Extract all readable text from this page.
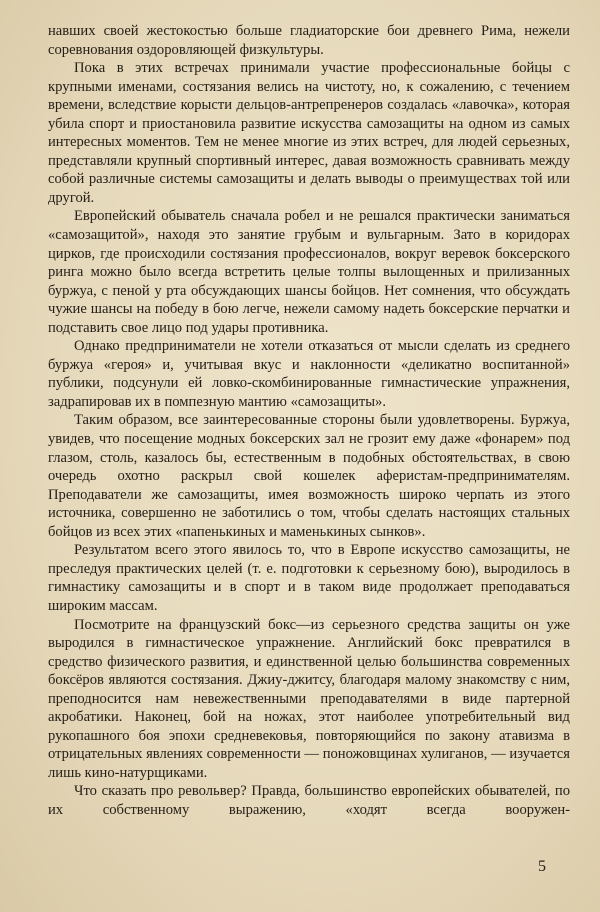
навших своей жестокостью больше гладиаторские бои древнего Рима, нежели соревнования оздоровляющей физкультуры.

Пока в этих встречах принимали участие профессиональные бойцы с крупными именами, состязания велись на чистоту, но, к сожалению, с течением времени, вследствие корысти дельцов-антрепренеров создалась «лавочка», которая убила спорт и приостановила развитие искусства самозащиты на одном из самых интересных моментов. Тем не менее многие из этих встреч, для людей серьезных, представляли крупный спортивный интерес, давая возможность сравнивать между собой различные системы самозащиты и делать выводы о преимуществах той или другой.

Европейский обыватель сначала робел и не решался практически заниматься «самозащитой», находя это занятие грубым и вульгарным. Зато в коридорах цирков, где происходили состязания профессионалов, вокруг веревок боксерского ринга можно было всегда встретить целые толпы вылощенных и прилизанных буржуа, с пеной у рта обсуждающих шансы бойцов. Нет сомнения, что обсуждать чужие шансы на победу в бою легче, нежели самому надеть боксерские перчатки и подставить свое лицо под удары противника.

Однако предприниматели не хотели отказаться от мысли сделать из среднего буржуа «героя» и, учитывая вкус и наклонности «деликатно воспитанной» публики, подсунули ей ловко-скомбинированные гимнастические упражнения, задрапировав их в помпезную мантию «самозащиты».

Таким образом, все заинтересованные стороны были удовлетворены. Буржуа, увидев, что посещение модных боксерских зал не грозит ему даже «фонарем» под глазом, столь, казалось бы, естественным в подобных обстоятельствах, в свою очередь охотно раскрыл свой кошелек аферистам-предпринимателям. Преподаватели же самозащиты, имея возможность широко черпать из этого источника, совершенно не заботились о том, чтобы сделать настоящих стальных бойцов из всех этих «папенькиных и маменькиных сынков».

Результатом всего этого явилось то, что в Европе искусство самозащиты, не преследуя практических целей (т. е. подготовки к серьезному бою), выродилось в гимнастику самозащиты и в спорт и в таком виде продолжает преподаваться широким массам.

Посмотрите на французский бокс—из серьезного средства защиты он уже выродился в гимнастическое упражнение. Английский бокс превратился в средство физического развития, и единственной целью большинства современных боксёров являются состязания. Джиу-джитсу, благодаря малому знакомству с ним, преподносится нам невежественными преподавателями в виде партерной акробатики. Наконец, бой на ножах, этот наиболее употребительный вид рукопашного боя эпохи средневековья, повторяющийся по закону атавизма в отрицательных явлениях современности — поножовщинах хулиганов, — изучается лишь кино-натурщиками.

Что сказать про револьвер? Правда, большинство европейских обывателей, по их собственному выражению, «ходят всегда вооружен-

5
